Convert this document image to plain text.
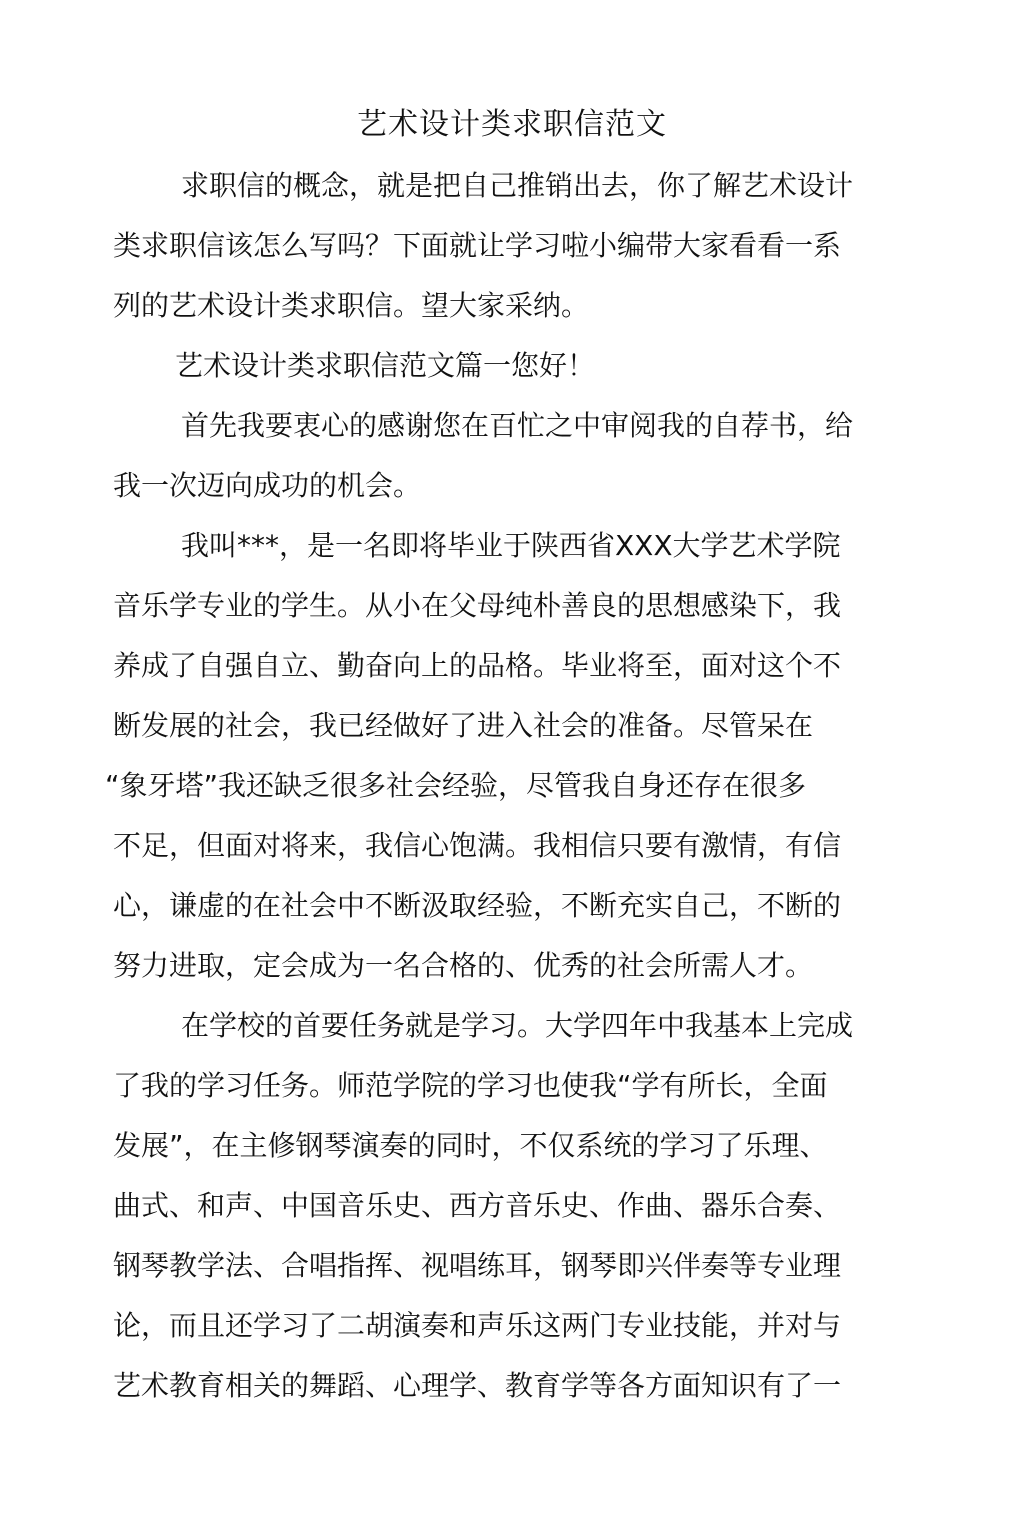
艺术设计类求职信范文
求职信的概念，就是把自己推销出去，你了解艺术设计
类求职信该怎么写吗？下面就让学习啦小编带大家看看一系
列的艺术设计类求职信。望大家采纳。
艺术设计类求职信范文篇一您好！
首先我要衷心的感谢您在百忙之中审阅我的自荐书，给
我一次迈向成功的机会。
我叫***，是一名即将毕业于陕西省XXX大学艺术学院
音乐学专业的学生。从小在父母纯朴善良的思想感染下，我
养成了自强自立、勤奋向上的品格。毕业将至，面对这个不
断发展的社会，我已经做好了进入社会的准备。尽管呆在
“象牙塔”我还缺乏很多社会经验，尽管我自身还存在很多
不足，但面对将来，我信心饱满。我相信只要有激情，有信
心，谦虚的在社会中不断汲取经验，不断充实自己，不断的
努力进取，定会成为一名合格的、优秀的社会所需人才。
在学校的首要任务就是学习。大学四年中我基本上完成
了我的学习任务。师范学院的学习也使我“学有所长，全面
发展”，在主修钢琴演奏的同时，不仅系统的学习了乐理、
曲式、和声、中国音乐史、西方音乐史、作曲、器乐合奏、
钢琴教学法、合唱指挥、视唱练耳，钢琴即兴伴奏等专业理
论，而且还学习了二胡演奏和声乐这两门专业技能，并对与
艺术教育相关的舞蹈、心理学、教育学等各方面知识有了一
